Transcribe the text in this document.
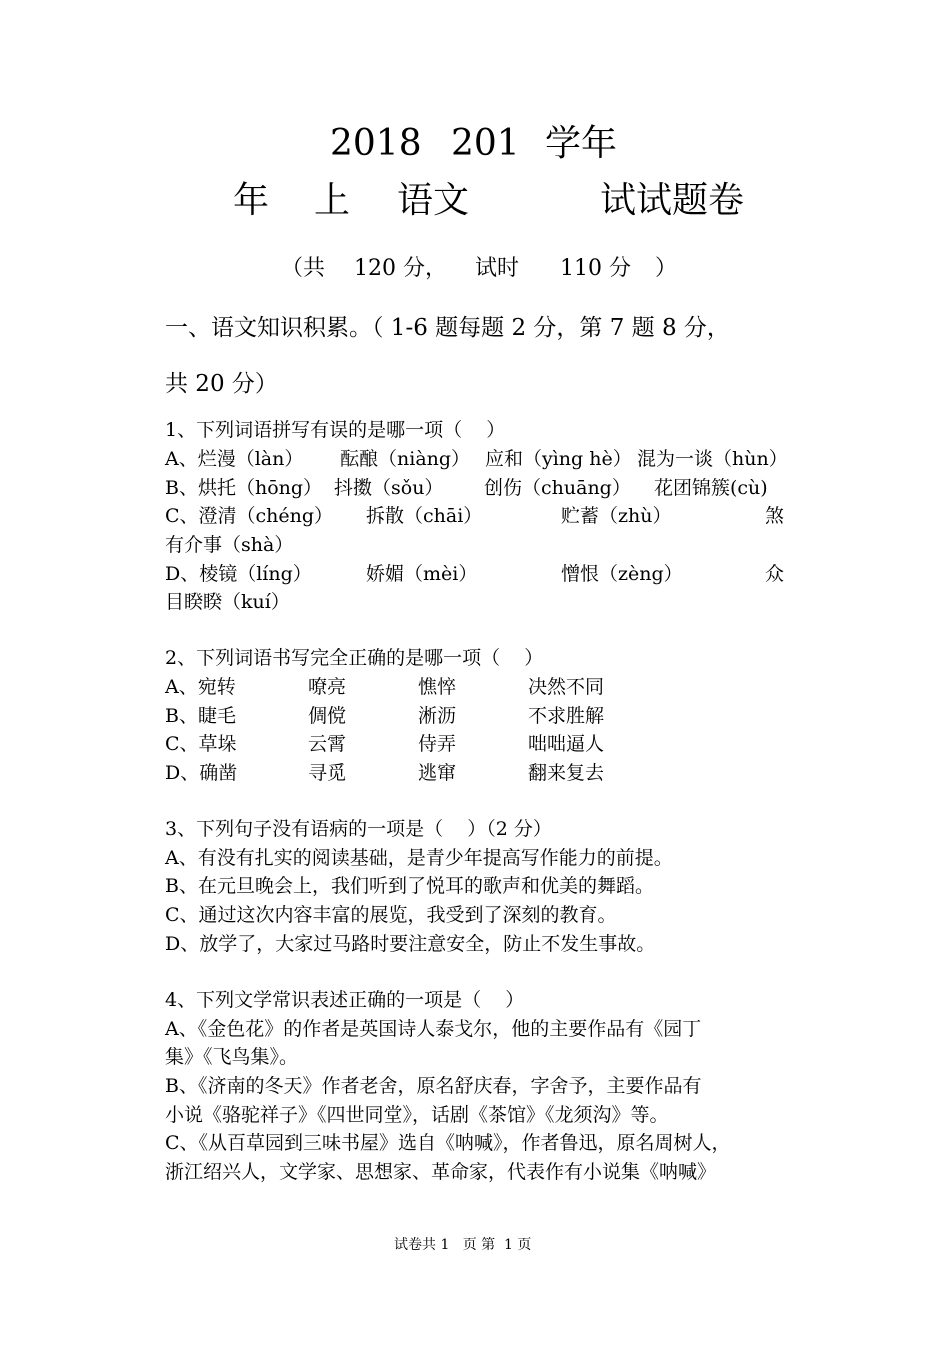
2018 201 学年
年 上 语文	试试题卷
（共 120 分， 试时 110 分 ）
一、语文知识积累。（ 1-6 题每题 2 分，第 7 题 8 分，
共 20 分）
1、下列词语拼写有误的是哪一项（    ）
A、烂漫（làn） 酝酿（niàng） 应和（yìng hè） 混为一谈（hùn）
B、烘托（hōng） 抖擞（sǒu） 创伤（chuāng） 花团锦簇(cù)
C、澄清（chéng） 拆散（chāi）	贮蓄（zhù）	煞
有介事（shà）
D、棱镜（líng）	娇媚（mèi）	憎恨（zèng）	众
目睽睽（kuí）
2、下列词语书写完全正确的是哪一项（    ）
A、宛转	嘹亮	憔悴	决然不同
B、睫毛	倜傥	淅沥	不求胜解
C、草垛	云霄	侍弄	咄咄逼人
D、确凿	寻觅	逃窜	翻来复去
3、下列句子没有语病的一项是（    ）（2 分）
A、有没有扎实的阅读基础，是青少年提高写作能力的前提。
B、在元旦晚会上，我们听到了悦耳的歌声和优美的舞蹈。
C、通过这次内容丰富的展览，我受到了深刻的教育。
D、放学了，大家过马路时要注意安全，防止不发生事故。
4、下列文学常识表述正确的一项是（    ）
A、《金色花》的作者是英国诗人泰戈尔，他的主要作品有《园丁
集》《飞鸟集》。
B、《济南的冬天》作者老舍，原名舒庆春，字舍予，主要作品有
小说《骆驼祥子》《四世同堂》，话剧《茶馆》《龙须沟》等。
C、《从百草园到三味书屋》选自《呐喊》，作者鲁迅，原名周树人，
浙江绍兴人，文学家、思想家、革命家，代表作有小说集《呐喊》
试卷共 1   页 第  1 页
